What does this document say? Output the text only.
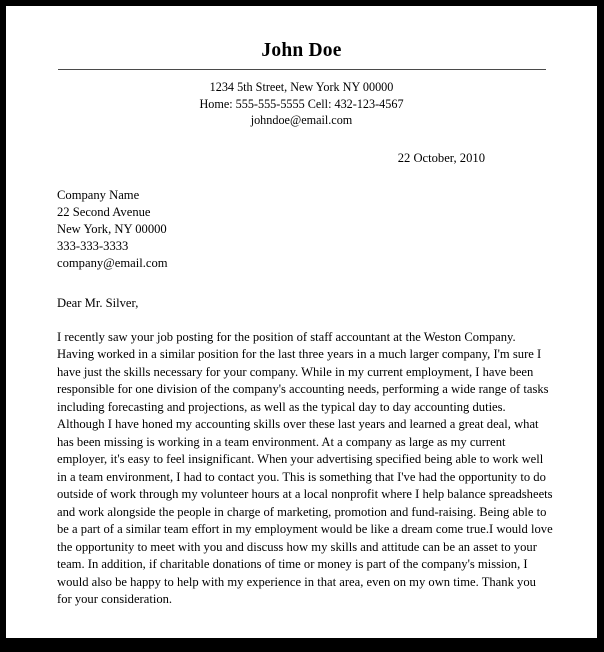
John Doe
1234 5th Street, New York NY 00000
Home: 555-555-5555 Cell: 432-123-4567
johndoe@email.com
22 October, 2010
Company Name
22 Second Avenue
New York, NY 00000
333-333-3333
company@email.com
Dear Mr. Silver,
I recently saw your job posting for the position of staff accountant at the Weston Company. Having worked in a similar position for the last three years in a much larger company, I'm sure I have just the skills necessary for your company. While in my current employment, I have been responsible for one division of the company's accounting needs, performing a wide range of tasks including forecasting and projections, as well as the typical day to day accounting duties. Although I have honed my accounting skills over these last years and learned a great deal, what has been missing is working in a team environment. At a company as large as my current employer, it's easy to feel insignificant. When your advertising specified being able to work well in a team environment, I had to contact you. This is something that I've had the opportunity to do outside of work through my volunteer hours at a local nonprofit where I help balance spreadsheets and work alongside the people in charge of marketing, promotion and fund-raising. Being able to be a part of a similar team effort in my employment would be like a dream come true.I would love the opportunity to meet with you and discuss how my skills and attitude can be an asset to your team. In addition, if charitable donations of time or money is part of the company's mission, I would also be happy to help with my experience in that area, even on my own time. Thank you for your consideration.
John Doe
